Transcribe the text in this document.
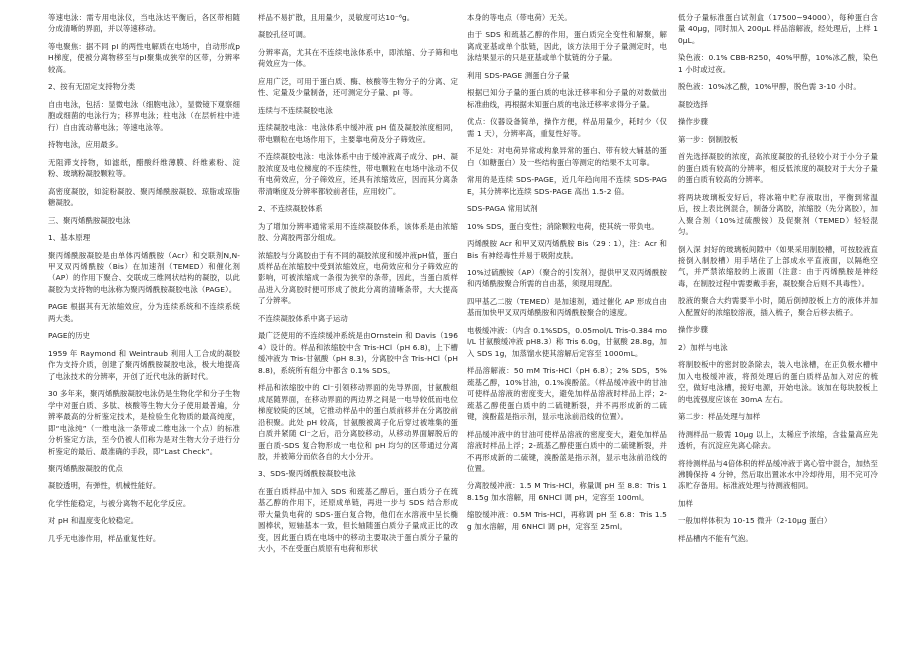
等速电泳：需专用电泳仪，当电泳达平衡后，各区带相随分成清晰的界面，并以等速移动。

等电聚焦：据不同 pI 的两性电解质在电场中，自动形成pH梯度，使被分离物移至与pI聚集成狭窄的区带，分辨率较高。

2、按有无固定支持物分类

自由电泳，包括：显微电泳（细胞电泳），显微镜下观察细胞或细菌的电泳行为；移界电泳；柱电泳（在层析柱中进行）自由流动幕电泳；等速电泳等。

持物电泳，应用最多。

无阻滞支持物，如滤纸，醋酸纤维薄膜、纤维素粉、淀粉、玻璃粉凝胶颗粒等。

高密度凝胶，如淀粉凝胶、聚丙烯酰胺凝胶、琼脂或琼脂糖凝胶。

三、聚丙烯酰胺凝胶电泳

1、基本原理

聚丙烯酰胺凝胶是由单体丙烯酰胺（Acr）和交联剂N,N-甲叉双丙烯酰胺（Bis）在加速剂（TEMED）和催化剂（AP）的作用下聚合、交联成三维网状结构的凝胶，以此凝胶为支持物的电泳称为聚丙烯酰胺凝胶电泳（PAGE）。

PAGE 根据其有无浓缩效应，分为连续系统和不连续系统两大类。

PAGE的历史

1959 年 Raymond 和 Weintraub 利用人工合成的凝胶作为支持介质，创建了聚丙烯酰胺凝胶电泳，极大地提高了电泳技术的分辨率，开创了近代电泳的新时代。

30 多年来，聚丙烯酰胺凝胶电泳仍是生物化学和分子生物学中对蛋白质、多肽、核酸等生物大分子使用最普遍，分辨率最高的分析鉴定技术，是检验生化物质的最高纯度，即“电泳纯”（一维电泳一条带或二维电泳一个点）的标准分析鉴定方法，至今仍被人们称为是对生物大分子进行分析鉴定的最后、最准确的手段，即“Last Check”。

聚丙烯酰胺凝胶的优点

凝胶透明，有弹性，机械性能好。

化学性能稳定，与被分离物不起化学反应。

对 pH 和温度变化较稳定。

几乎无电渗作用，样品重复性好。

样品不易扩散，且用量少，灵敏度可达10⁻⁶g。

凝胶孔径可调。

分辨率高，尤其在不连续电泳体系中，即浓缩、分子筛和电荷效应为一体。

应用广泛，可用于蛋白质、酶、核酸等生物分子的分离、定性、定量及少量制备，还可测定分子量、pI 等。

连续与不连续凝胶电泳

连续凝胶电泳：电泳体系中缓冲液 pH 值及凝胶浓度相同，带电颗粒在电场作用下，主要靠电荷及分子筛效应。

不连续凝胶电泳：电泳体系中由于缓冲液离子成分、pH、凝胶浓度及电位梯度的不连续性，带电颗粒在电场中泳动不仅有电荷效应，分子筛效应，还具有浓缩效应，因而其分离条带清晰度及分辨率都较前者佳，应用较广。

2、不连续凝胶体系

为了增加分辨率通常采用不连续凝胶体系，该体系是由浓缩胶、分离胶两部分组成。

浓缩胶与分离胶由于有不同的凝胶浓度和缓冲液pH值，蛋白质样品在浓缩胶中受到浓缩效应，电荷效应和分子筛效应的影响，可被浓缩成一条很为狭窄的条带，因此，当蛋白质样品进入分离胶时便可形成了彼此分离的清晰条带，大大提高了分辨率。

不连续凝胶体系中离子运动

最广泛使用的不连续缓冲系统是由Ornstein 和 Davis（1964）设计的。样品和浓缩胶中含 Tris-HCl（pH 6.8)，上下槽缓冲液为 Tris-甘氨酸（pH 8.3)，分离胶中含 Tris-HCl（pH 8.8)，系统所有组分中都含 0.1% SDS。

样品和浓缩胶中的 Cl⁻引领移动界面的先导界面，甘氨酸组成尾随界面，在移动界面的两边界之间是一电导较低而电位梯度较陡的区域，它推动样品中的蛋白质前移并在分离胶前沿积聚。此处 pH 较高，甘氨酸被离子化后穿过被堆集的蛋白质并紧随 Cl⁻之后，沿分离胶移动，从移动界面解脱后的蛋白质-SDS 复合物形成一电位和 pH 均匀的区带通过分离胶，并被筛分而依各自的大小分开。

3、SDS-聚丙烯酰胺凝胶电泳

在蛋白质样品中加入 SDS 和巯基乙醇后，蛋白质分子在巯基乙醇的作用下，还原成单链，再进一步与 SDS 结合形成带大量负电荷的 SDS-蛋白复合物，他们在水溶液中呈长椭圆棒状，短轴基本一致，但长轴随蛋白质分子量成正比的改变，因此蛋白质在电场中的移动主要取决于蛋白质分子量的大小，不在受蛋白质原有电荷和形状

本身的等电点（带电荷）无关。

由于 SDS 和巯基乙醇的作用，蛋白质完全变性和解聚，解离成亚基或单个肽链，因此，该方法用于分子量测定时，电泳结果显示的只是亚基或单个肽链的分子量。

利用 SDS-PAGE 测蛋白分子量

根据已知分子量的蛋白质的电泳迁移率和分子量的对数做出标准曲线，再根据未知蛋白质的电泳迁移率求得分子量。

优点：仪器设备简单，操作方便，样品用量少，耗时少（仅需 1 天），分辨率高，重复性好等。

不足处：对电荷异常或构象异常的蛋白、带有较大辅基的蛋白（如糖蛋白）及一些结构蛋白等测定的结果不太可靠。

常用的是连续 SDS-PAGE，近几年趋向用不连续 SDS-PAGE，其分辨率比连续 SDS-PAGE 高出 1.5-2 倍。

SDS-PAGA 常用试剂

10% SDS，蛋白变性；消除颗粒电荷，使其统一带负电。

丙烯酰胺 Acr 和甲叉双丙烯酰胺 Bis（29 : 1），注：Acr 和 Bis 有神经毒性并易于吸附皮肤。

10%过硫酸铵（AP）（聚合的引发剂），提供甲叉双丙烯酰胺和丙烯酰胺聚合所需的自由基，须现用现配。

四甲基乙二胺（TEMED）是加速剂，通过催化 AP 形成自由基而加快甲叉双丙烯酰胺和丙烯酰胺聚合的速度。

电极缓冲液：（内含 0.1%SDS，0.05mol/L Tris-0.384 mol/L 甘氨酸缓冲液 pH8.3）称 Tris 6.0g，甘氨酸 28.8g，加入 SDS 1g，加蒸馏水使其溶解后定容至 1000mL。

样品溶解液：50 mM Tris-HCl（pH 6.8）；2% SDS，5% 巯基乙醇，10%甘油，0.1%溴酚蓝。（样品缓冲液中的甘油可使样品溶液的密度变大，避免加样品溶液时样品上浮；2-巯基乙醇使蛋白质中的二硫键断裂，并不再形成新的二硫键，溴酚蓝是指示剂，显示电泳前沿线的位置）。

样品缓冲液中的甘油可使样品溶液的密度变大，避免加样品溶液时样品上浮；2-巯基乙醇使蛋白质中的二硫键断裂，并不再形成新的二硫键，溴酚蓝是指示剂，显示电泳前沿线的位置。

分离胶缓冲液：1.5 M Tris-HCl，称量调 pH 至 8.8：Tris 18.15g 加水溶解，用 6NHCl 调 pH，定容至 100ml。

缩胶缓冲液：0.5M Tris-HCl，再称调 pH 至 6.8：Tris 1.5g 加水溶解，用 6NHCl 调 pH，定容至 25ml。

低分子量标准蛋白试剂盒（17500~94000），每种蛋白含量 40μg，同时加入 200μL 样品溶解液，经处理后，上样 10μL。

染色液：0.1% CBB-R250，40%甲醇，10%冰乙酸，染色 1 小时或过夜。

脱色液：10%冰乙酸，10%甲醇，脱色需 3-10 小时。

凝胶选择

操作步骤

第一步：倒制胶板

首先选择凝胶的浓度，高浓度凝胶的孔径较小对于小分子量的蛋白质有较高的分辨率，相反低浓度的凝胶对于大分子量的蛋白质有较高的分辨率。

将两块玻璃板安好后，将冰箱中贮存液取出，平衡到常温后，按上表比例混合，制备分离胶，浓缩胶（先分离胶），加入聚合剂（10%过硫酸铵）及促聚剂（TEMED）轻轻混匀。

倒入深 封好的玻璃板间隙中（如果采用制胶槽，可按胶液直接倒入制胶槽）用手堵住了上部成水平直液面，以隔绝空气，并严禁浓缩胶的上液面（注意：由于丙烯酰胺是神经毒，在制胶过程中需要戴手套，凝胶聚合后则不具毒性）。

胶液的聚合大约需要半小时，随后倒掉胶板上方的液体并加入配置好的浓缩胶溶液，插入梳子，聚合后移去梳子。

操作步骤

2）加样与电泳

将制胶板中的密封胶条除去，装入电泳槽，在正负极水槽中加入电极缓冲液，将预处理后的蛋白质样品加入对应的梳空，做好电泳槽，接好电源，开始电泳。该加在每块胶板上的电流强度应该在 30mA 左右。

第二步：样品处理与加样

待测样品一般需 10μg 以上，太稀应予浓缩，含盐量高应先透析，有沉淀应先离心除去。

将待测样品与4倍体积的样品缓冲液于离心管中混合，加热至沸腾保持 4 分钟，然后取出置冰水中冷却待用，用不完可冷冻贮存备用。标准液处理与待测液相同。

加样

一般加样体积为 10-15 微升（2-10μg 蛋白）

样品槽内不能有气泡。
